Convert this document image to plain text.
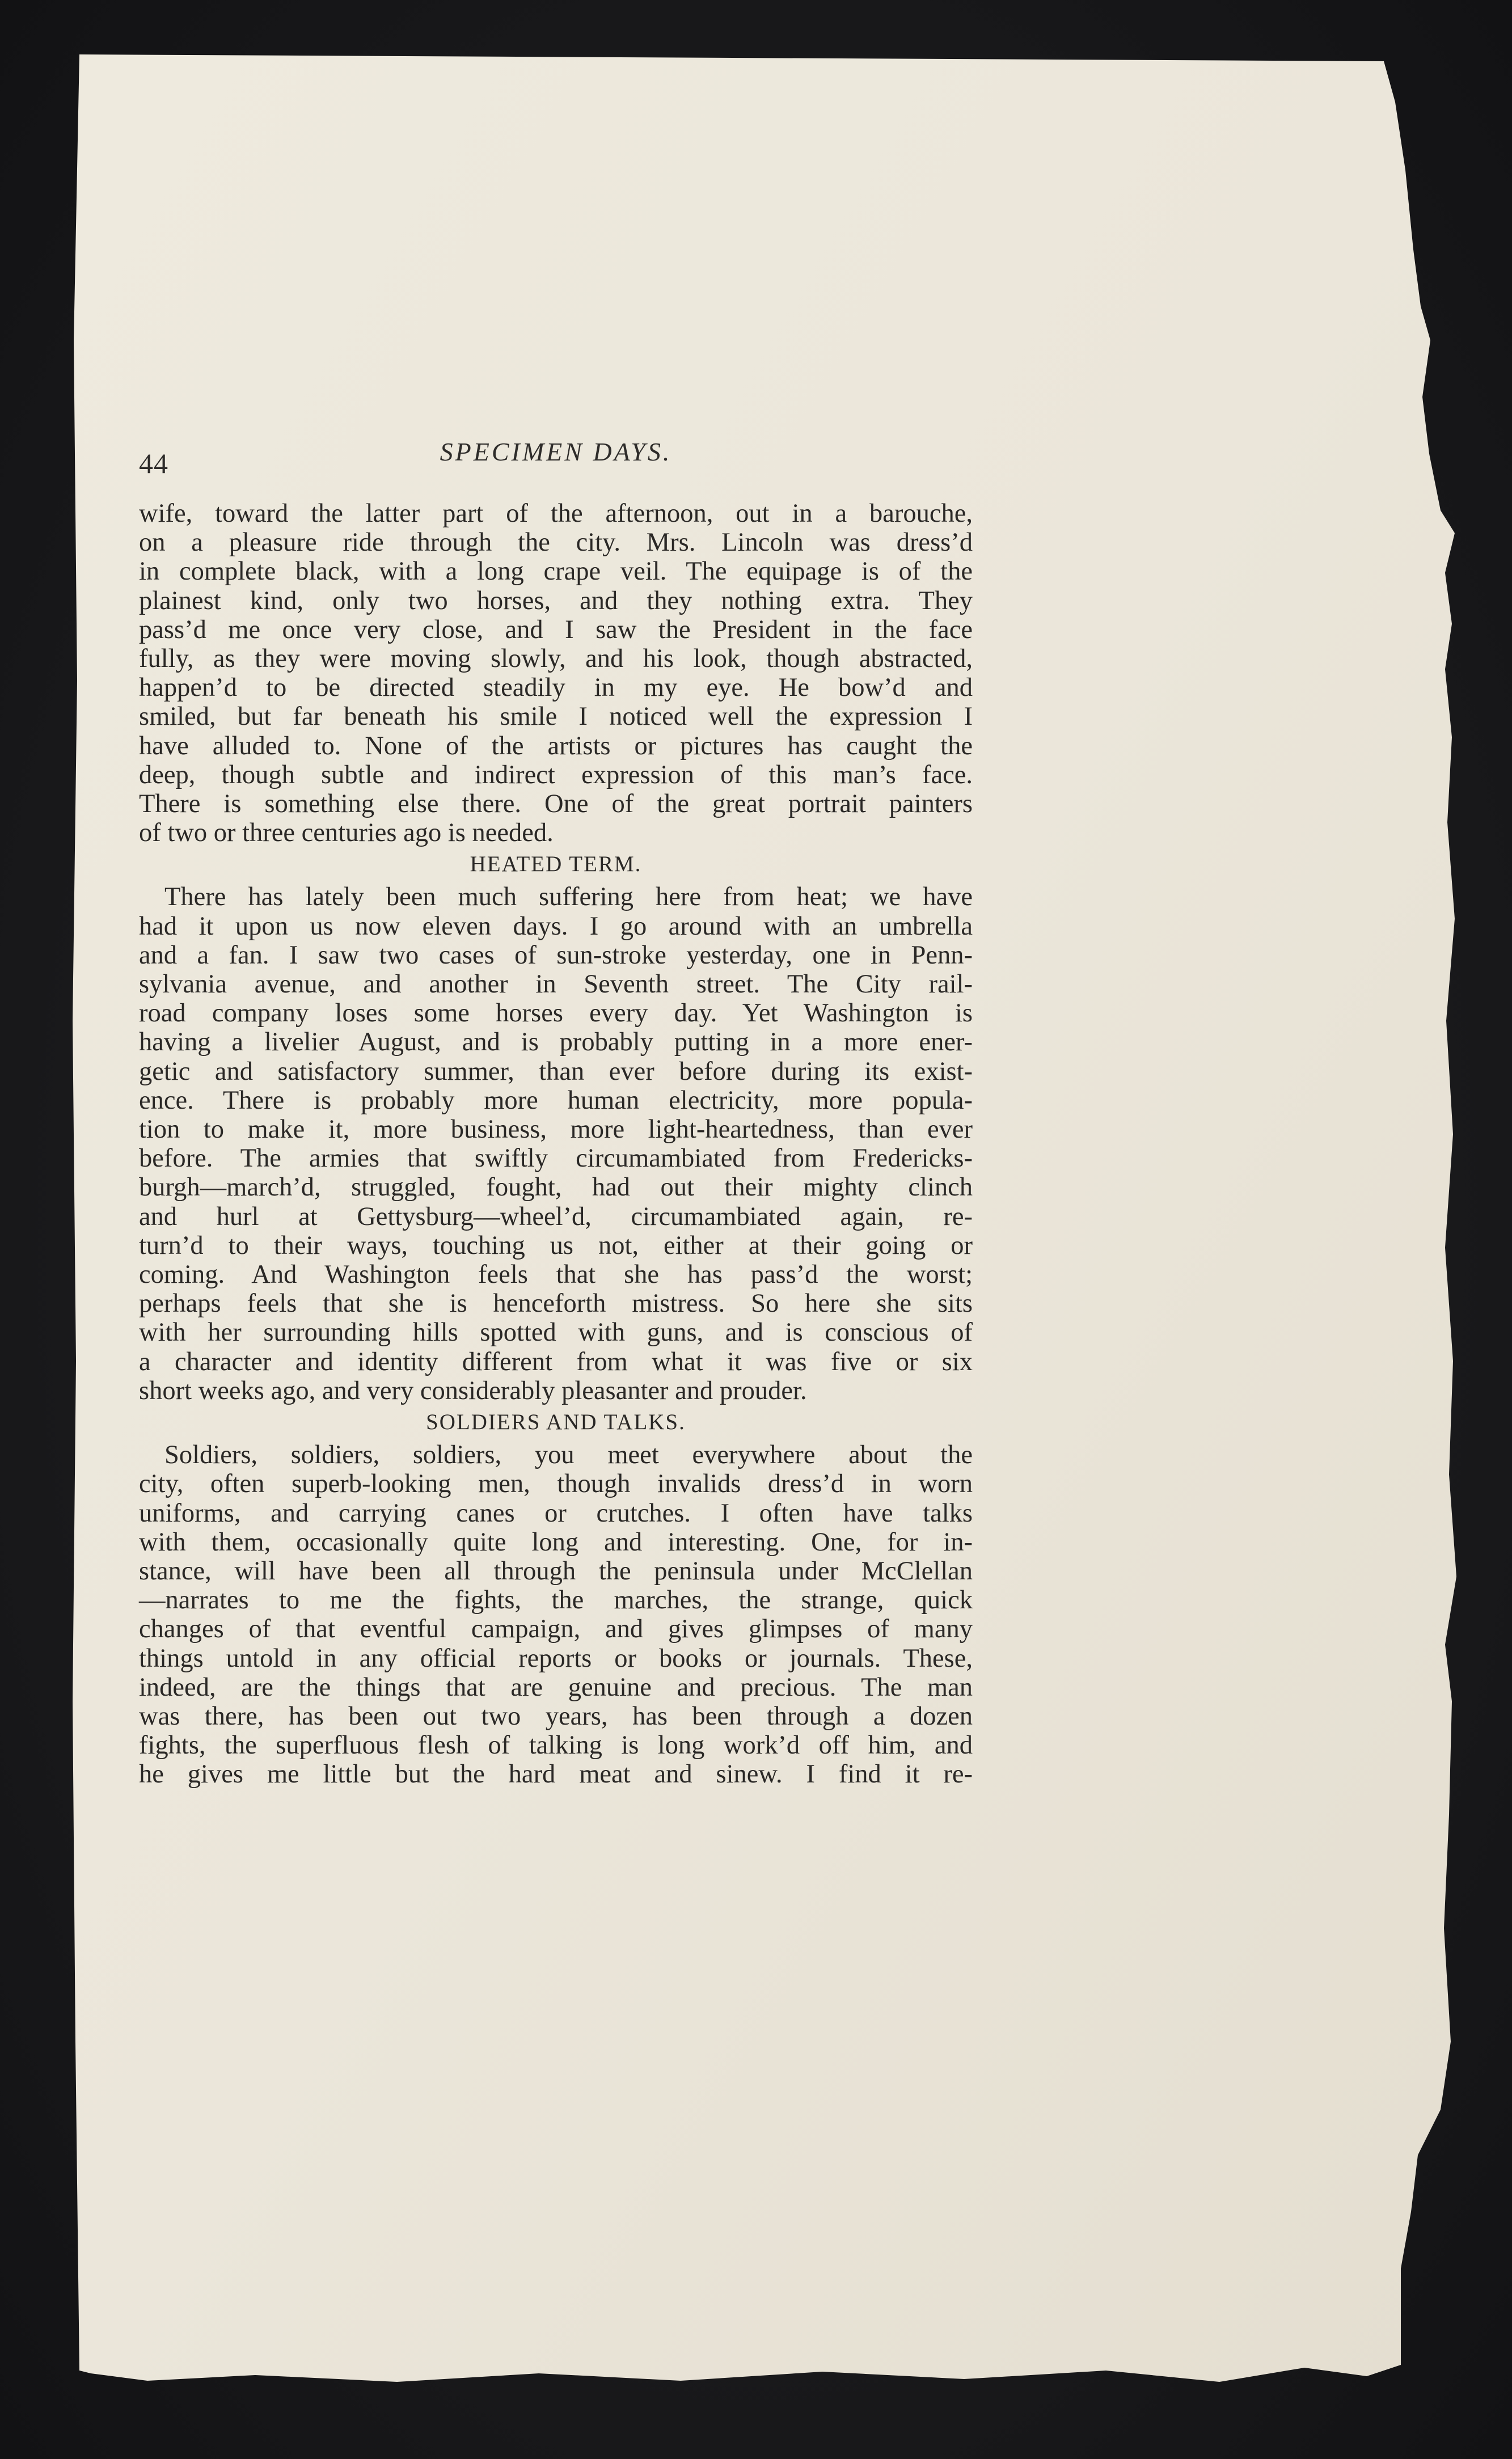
44	SPECIMEN DAYS.
wife, toward the latter part of the afternoon, out in a barouche,
on a pleasure ride through the city. Mrs. Lincoln was dress’d
in complete black, with a long crape veil. The equipage is of the
plainest kind, only two horses, and they nothing extra. They
pass’d me once very close, and I saw the President in the face
fully, as they were moving slowly, and his look, though abstracted,
happen’d to be directed steadily in my eye. He bow’d and
smiled, but far beneath his smile I noticed well the expression I
have alluded to. None of the artists or pictures has caught the
deep, though subtle and indirect expression of this man’s face.
There is something else there. One of the great portrait painters
of two or three centuries ago is needed.
HEATED TERM.
There has lately been much suffering here from heat; we have
had it upon us now eleven days. I go around with an umbrella
and a fan. I saw two cases of sun-stroke yesterday, one in Penn-
sylvania avenue, and another in Seventh street. The City rail-
road company loses some horses every day. Yet Washington is
having a livelier August, and is probably putting in a more ener-
getic and satisfactory summer, than ever before during its exist-
ence. There is probably more human electricity, more popula-
tion to make it, more business, more light-heartedness, than ever
before. The armies that swiftly circumambiated from Fredericks-
burgh—march’d, struggled, fought, had out their mighty clinch
and hurl at Gettysburg—wheel’d, circumambiated again, re-
turn’d to their ways, touching us not, either at their going or
coming. And Washington feels that she has pass’d the worst;
perhaps feels that she is henceforth mistress. So here she sits
with her surrounding hills spotted with guns, and is conscious of
a character and identity different from what it was five or six
short weeks ago, and very considerably pleasanter and prouder.
SOLDIERS AND TALKS.
Soldiers, soldiers, soldiers, you meet everywhere about the
city, often superb-looking men, though invalids dress’d in worn
uniforms, and carrying canes or crutches. I often have talks
with them, occasionally quite long and interesting. One, for in-
stance, will have been all through the peninsula under McClellan
—narrates to me the fights, the marches, the strange, quick
changes of that eventful campaign, and gives glimpses of many
things untold in any official reports or books or journals. These,
indeed, are the things that are genuine and precious. The man
was there, has been out two years, has been through a dozen
fights, the superfluous flesh of talking is long work’d off him, and
he gives me little but the hard meat and sinew. I find it re-
